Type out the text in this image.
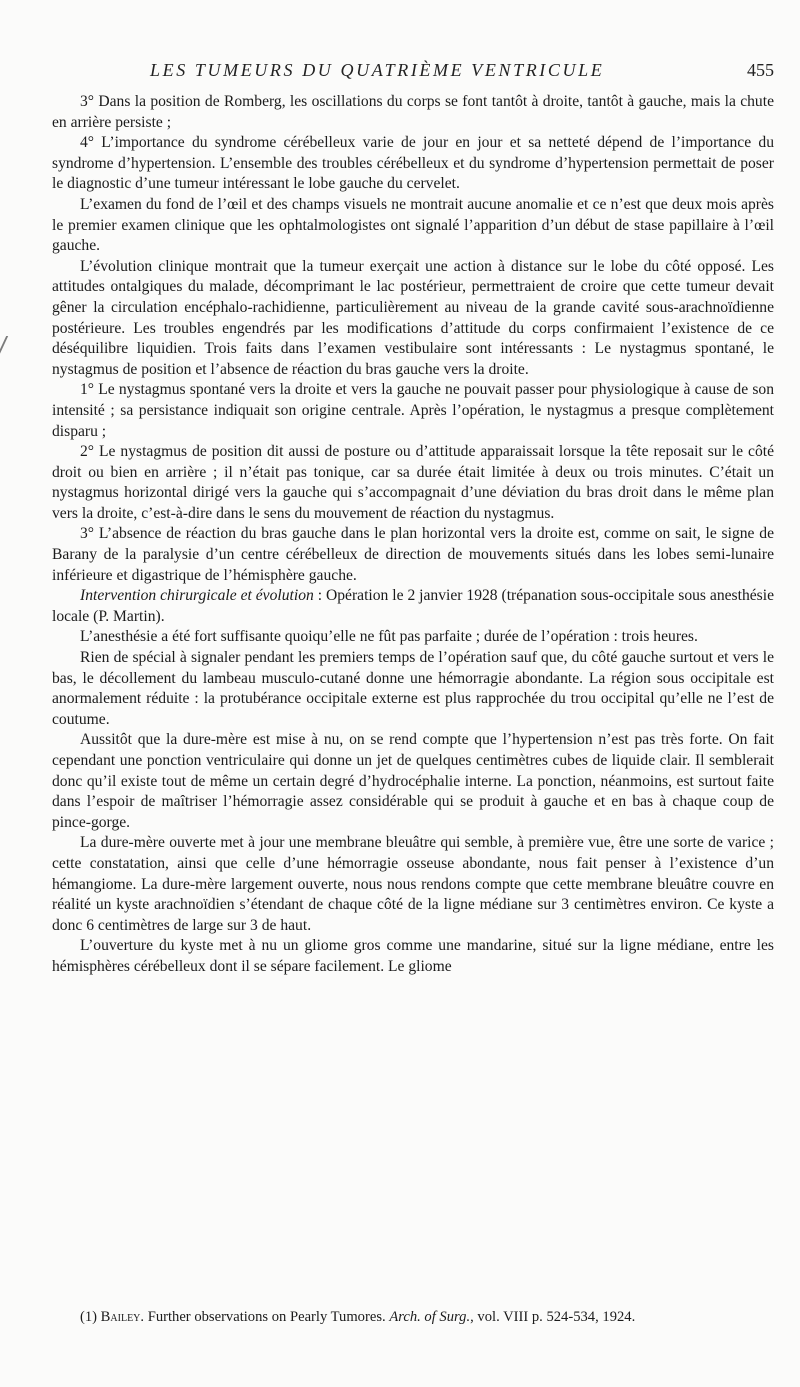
LES TUMEURS DU QUATRIÈME VENTRICULE	455

3° Dans la position de Romberg, les oscillations du corps se font tantôt à droite, tantôt à gauche, mais la chute en arrière persiste ;

4° L’importance du syndrome cérébelleux varie de jour en jour et sa netteté dépend de l’importance du syndrome d’hypertension. L’ensemble des troubles cérébelleux et du syndrome d’hypertension permettait de poser le diagnostic d’une tumeur intéressant le lobe gauche du cervelet.

L’examen du fond de l’œil et des champs visuels ne montrait aucune anomalie et ce n’est que deux mois après le premier examen clinique que les ophtalmologistes ont signalé l’apparition d’un début de stase papillaire à l’œil gauche.

L’évolution clinique montrait que la tumeur exerçait une action à distance sur le lobe du côté opposé. Les attitudes ontalgiques du malade, décomprimant le lac postérieur, permettraient de croire que cette tumeur devait gêner la circulation encéphalo-rachidienne, particulièrement au niveau de la grande cavité sous-arachnoïdienne postérieure. Les troubles engendrés par les modifications d’attitude du corps confirmaient l’existence de ce déséquilibre liquidien. Trois faits dans l’examen vestibulaire sont intéressants : Le nystagmus spontané, le nystagmus de position et l’absence de réaction du bras gauche vers la droite.

1° Le nystagmus spontané vers la droite et vers la gauche ne pouvait passer pour physiologique à cause de son intensité ; sa persistance indiquait son origine centrale. Après l’opération, le nystagmus a presque complètement disparu ;

2° Le nystagmus de position dit aussi de posture ou d’attitude apparaissait lorsque la tête reposait sur le côté droit ou bien en arrière ; il n’était pas tonique, car sa durée était limitée à deux ou trois minutes. C’était un nystagmus horizontal dirigé vers la gauche qui s’accompagnait d’une déviation du bras droit dans le même plan vers la droite, c’est-à-dire dans le sens du mouvement de réaction du nystagmus.

3° L’absence de réaction du bras gauche dans le plan horizontal vers la droite est, comme on sait, le signe de Barany de la paralysie d’un centre cérébelleux de direction de mouvements situés dans les lobes semi-lunaire inférieure et digastrique de l’hémisphère gauche.

Intervention chirurgicale et évolution : Opération le 2 janvier 1928 (trépanation sous-occipitale sous anesthésie locale (P. Martin).

L’anesthésie a été fort suffisante quoiqu’elle ne fût pas parfaite ; durée de l’opération : trois heures.

Rien de spécial à signaler pendant les premiers temps de l’opération sauf que, du côté gauche surtout et vers le bas, le décollement du lambeau musculo-cutané donne une hémorragie abondante. La région sous occipitale est anormalement réduite : la protubérance occipitale externe est plus rapprochée du trou occipital qu’elle ne l’est de coutume.

Aussitôt que la dure-mère est mise à nu, on se rend compte que l’hypertension n’est pas très forte. On fait cependant une ponction ventriculaire qui donne un jet de quelques centimètres cubes de liquide clair. Il semblerait donc qu’il existe tout de même un certain degré d’hydrocéphalie interne. La ponction, néanmoins, est surtout faite dans l’espoir de maîtriser l’hémorragie assez considérable qui se produit à gauche et en bas à chaque coup de pince-gorge.

La dure-mère ouverte met à jour une membrane bleuâtre qui semble, à première vue, être une sorte de varice ; cette constatation, ainsi que celle d’une hémorragie osseuse abondante, nous fait penser à l’existence d’un hémangiome. La dure-mère largement ouverte, nous nous rendons compte que cette membrane bleuâtre couvre en réalité un kyste arachnoïdien s’étendant de chaque côté de la ligne médiane sur 3 centimètres environ. Ce kyste a donc 6 centimètres de large sur 3 de haut.

L’ouverture du kyste met à nu un gliome gros comme une mandarine, situé sur la ligne médiane, entre les hémisphères cérébelleux dont il se sépare facilement. Le gliome

(1) Bailey. Further observations on Pearly Tumores. Arch. of Surg., vol. VIII p. 524-534, 1924.
